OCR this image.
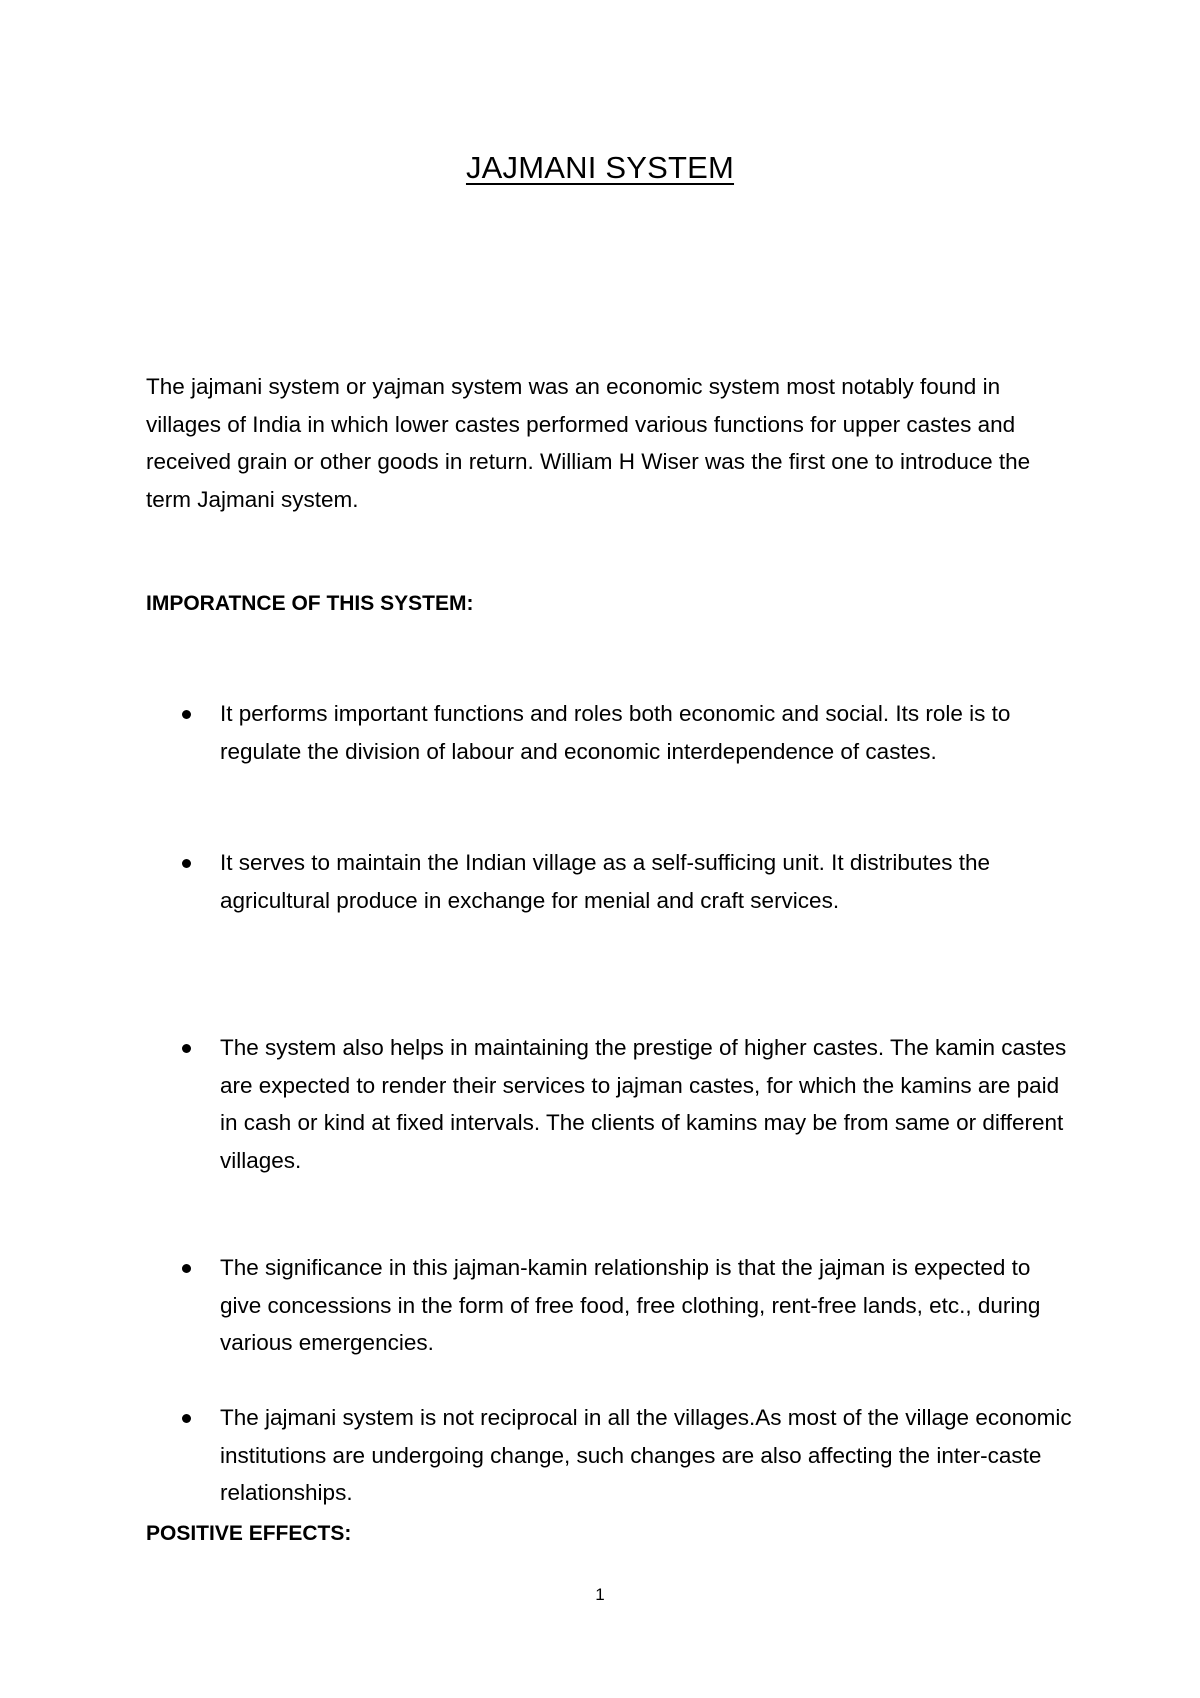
JAJMANI SYSTEM

The jajmani system or yajman system was an economic system most notably found in villages of India in which lower castes performed various functions for upper castes and received grain or other goods in return. William H Wiser was the first one to introduce the term Jajmani system.

IMPORATNCE OF THIS SYSTEM:
It performs important functions and roles both economic and social. Its role is to regulate the division of labour and economic interdependence of castes.
It serves to maintain the Indian village as a self-sufficing unit. It distributes the agricultural produce in exchange for menial and craft services.
The system also helps in maintaining the prestige of higher castes. The kamin castes are expected to render their services to jajman castes, for which the kamins are paid in cash or kind at fixed intervals. The clients of kamins may be from same or different villages.
The significance in this jajman-kamin relationship is that the jajman is expected to give concessions in the form of free food, free clothing, rent-free lands, etc., during various emergencies.
The jajmani system is not reciprocal in all the villages.As most of the village economic institutions are undergoing change, such changes are also affecting the inter-caste relationships.
POSITIVE EFFECTS:
1
